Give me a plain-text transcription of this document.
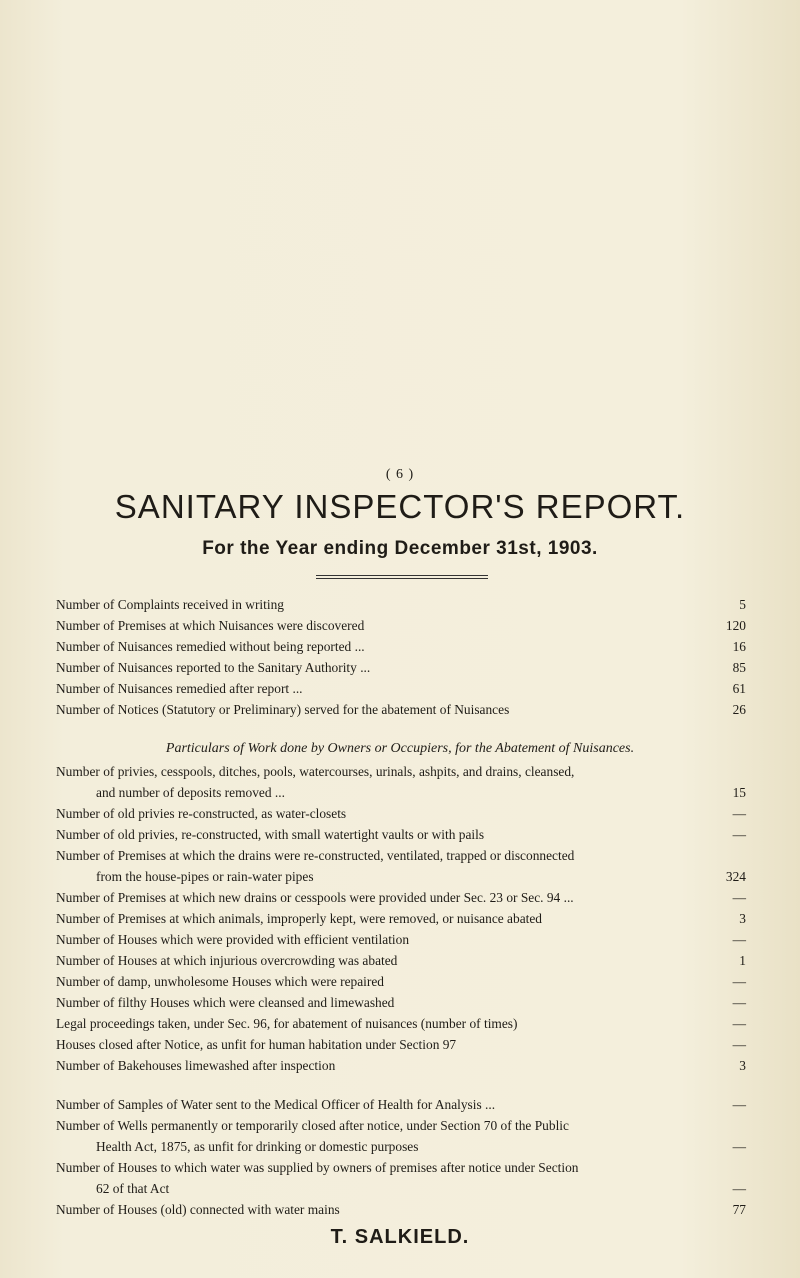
( 6 )
SANITARY INSPECTOR'S REPORT.
For the Year ending December 31st, 1903.
Number of Complaints received in writing	5
Number of Premises at which Nuisances were discovered	120
Number of Nuisances remedied without being reported ...	16
Number of Nuisances reported to the Sanitary Authority ...	85
Number of Nuisances remedied after report ...	61
Number of Notices (Statutory or Preliminary) served for the abatement of Nuisances	26
Particulars of Work done by Owners or Occupiers, for the Abatement of Nuisances.
Number of privies, cesspools, ditches, pools, watercourses, urinals, ashpits, and drains, cleansed,
and number of deposits removed ...	15
Number of old privies re-constructed, as water-closets	—
Number of old privies, re-constructed, with small watertight vaults or with pails	—
Number of Premises at which the drains were re-constructed, ventilated, trapped or disconnected
from the house-pipes or rain-water pipes	324
Number of Premises at which new drains or cesspools were provided under Sec. 23 or Sec. 94 ...	—
Number of Premises at which animals, improperly kept, were removed, or nuisance abated	3
Number of Houses which were provided with efficient ventilation	—
Number of Houses at which injurious overcrowding was abated	1
Number of damp, unwholesome Houses which were repaired	—
Number of filthy Houses which were cleansed and limewashed	—
Legal proceedings taken, under Sec. 96, for abatement of nuisances (number of times)	—
Houses closed after Notice, as unfit for human habitation under Section 97	—
Number of Bakehouses limewashed after inspection	3
Number of Samples of Water sent to the Medical Officer of Health for Analysis ...	—
Number of Wells permanently or temporarily closed after notice, under Section 70 of the Public
Health Act, 1875, as unfit for drinking or domestic purposes	—
Number of Houses to which water was supplied by owners of premises after notice under Section
62 of that Act	—
Number of Houses (old) connected with water mains	77
T. SALKIELD.
